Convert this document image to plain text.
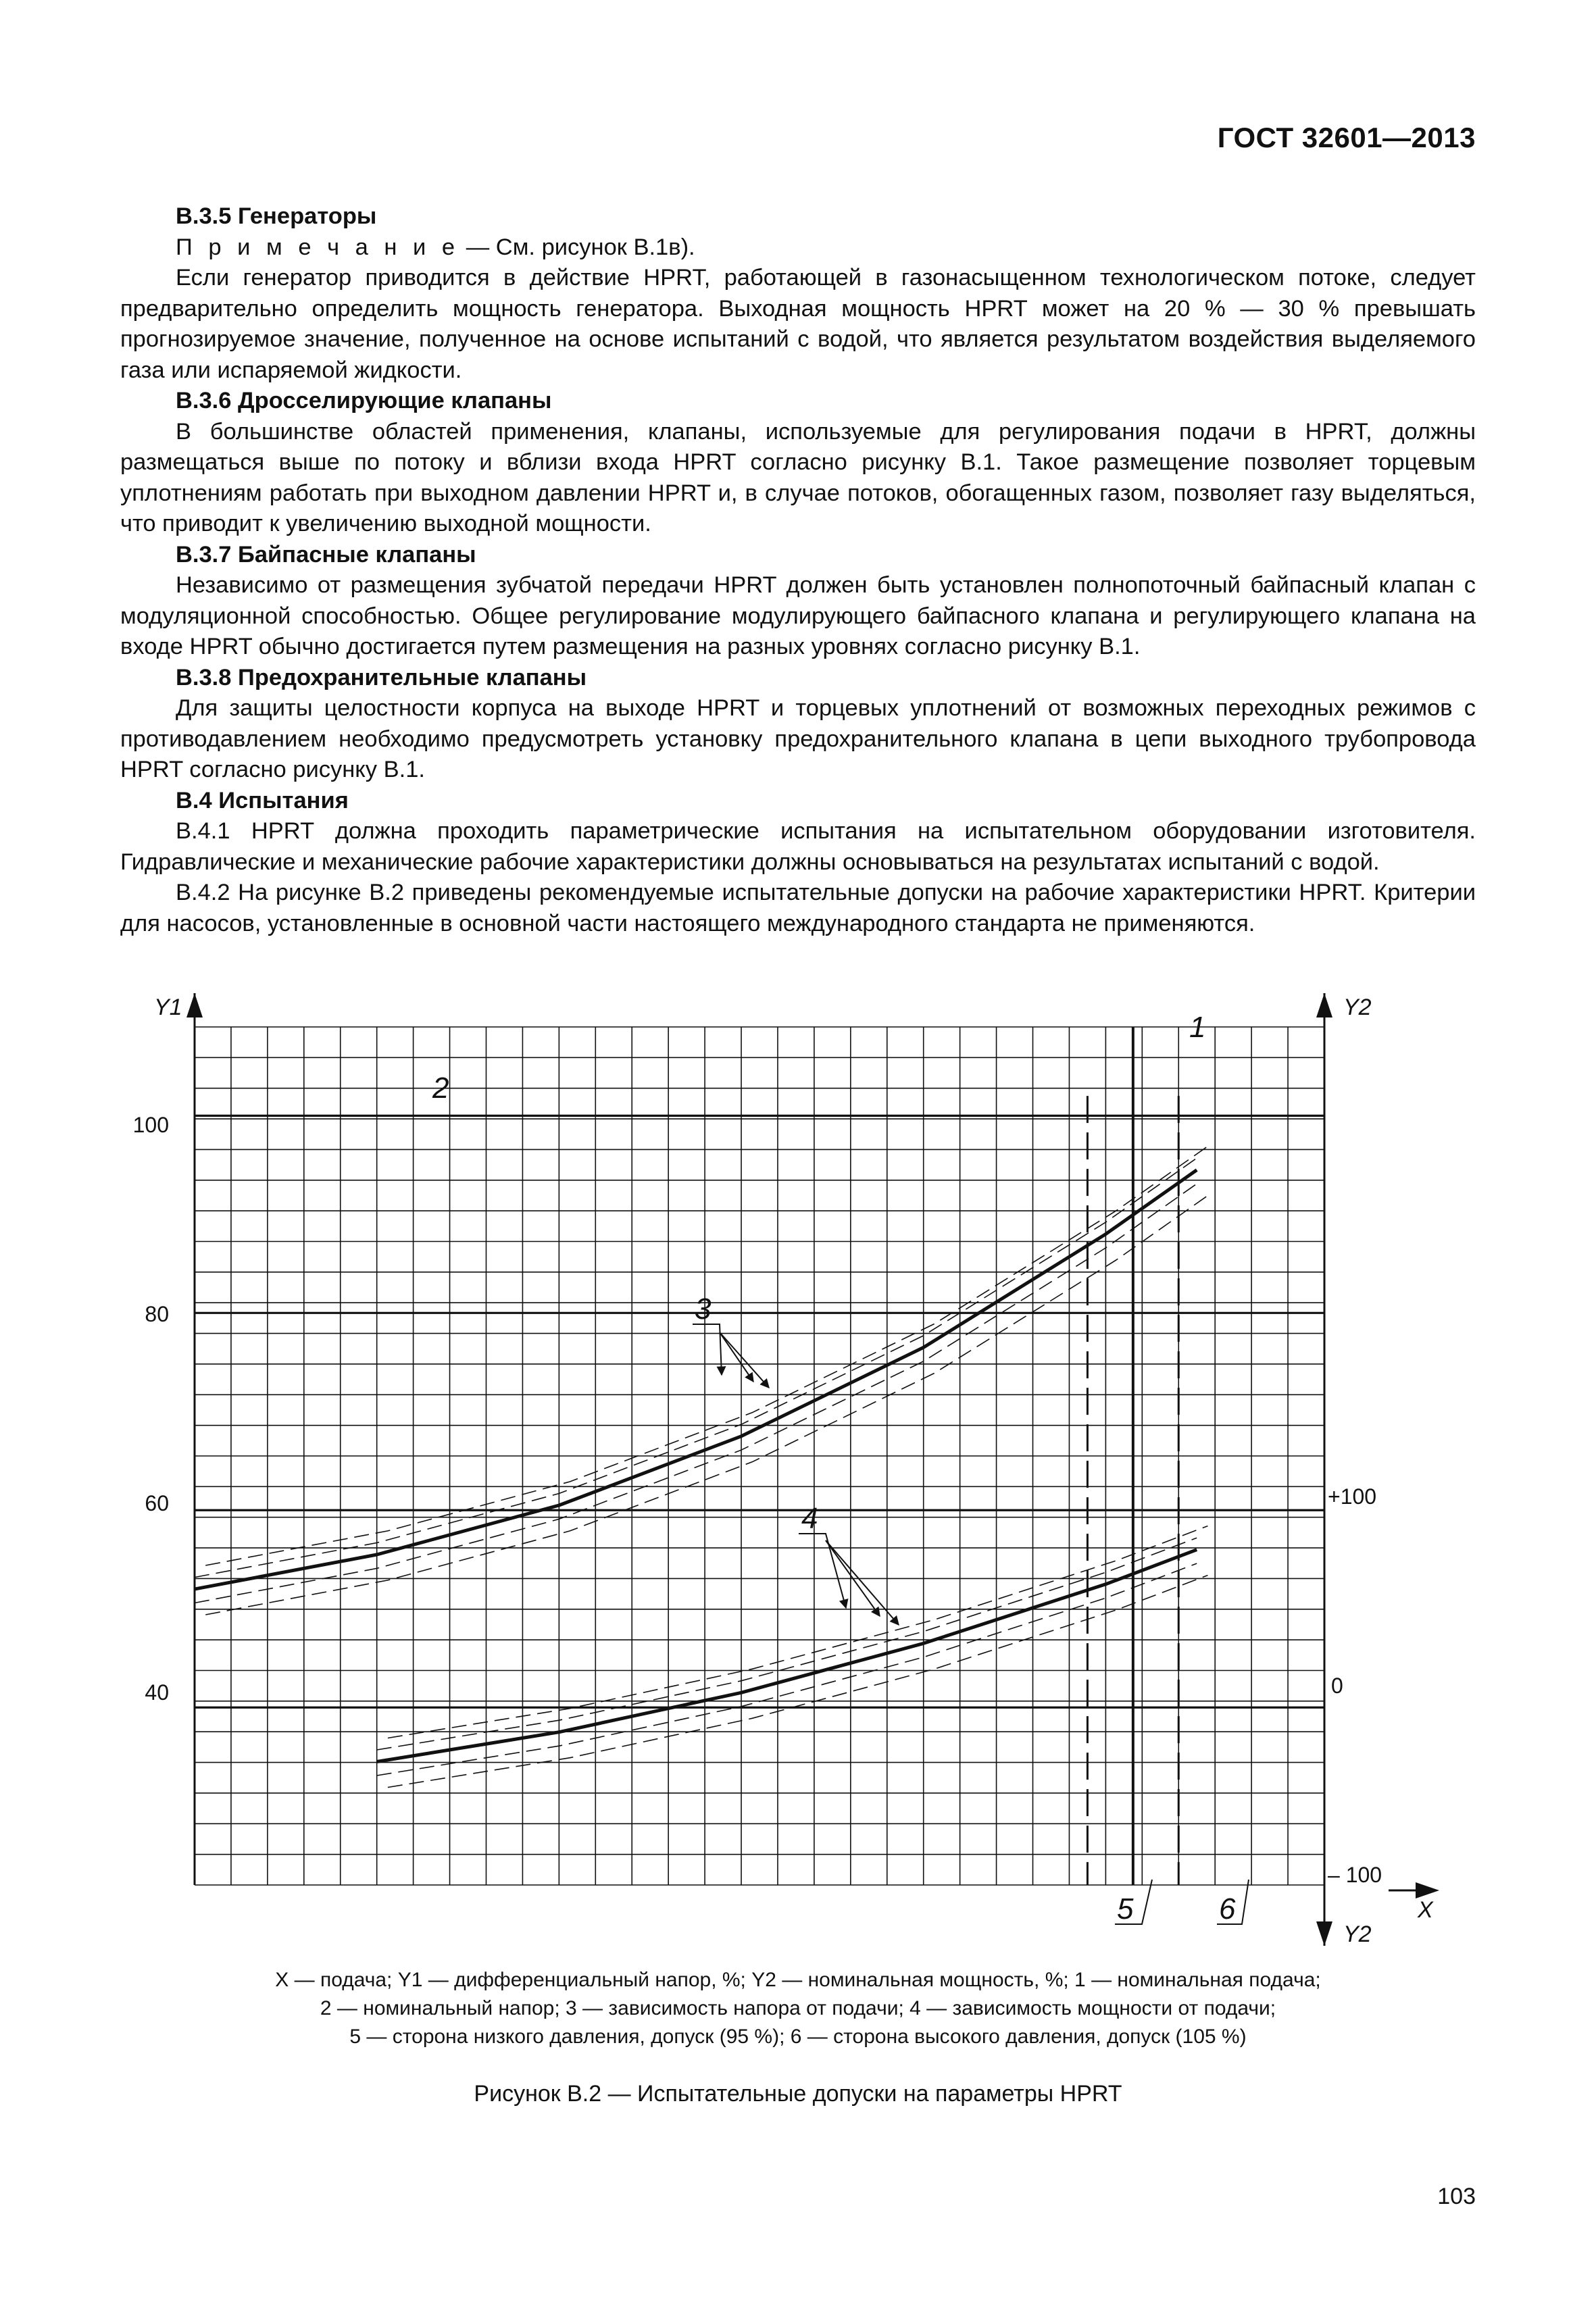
ГОСТ 32601—2013

В.3.5 Генераторы

П р и м е ч а н и е — См. рисунок В.1в).

Если генератор приводится в действие HPRT, работающей в газонасыщенном технологическом потоке, следует предварительно определить мощность генератора. Выходная мощность HPRT может на 20 % — 30 % превышать прогнозируемое значение, полученное на основе испытаний с водой, что является результатом воздействия выделяемого газа или испаряемой жидкости.

В.3.6 Дросселирующие клапаны

В большинстве областей применения, клапаны, используемые для регулирования подачи в HPRT, должны размещаться выше по потоку и вблизи входа HPRT согласно рисунку В.1. Такое размещение позволяет торцевым уплотнениям работать при выходном давлении HPRT и, в случае потоков, обогащенных газом, позволяет газу выделяться, что приводит к увеличению выходной мощности.

В.3.7 Байпасные клапаны

Независимо от размещения зубчатой передачи HPRT должен быть установлен полнопоточный байпасный клапан с модуляционной способностью. Общее регулирование модулирующего байпасного клапана и регулирующего клапана на входе HPRT обычно достигается путем размещения на разных уровнях согласно рисунку В.1.

В.3.8 Предохранительные клапаны

Для защиты целостности корпуса на выходе HPRT и торцевых уплотнений от возможных переходных режимов с противодавлением необходимо предусмотреть установку предохранительного клапана в цепи выходного трубопровода HPRT согласно рисунку В.1.

В.4 Испытания

В.4.1 HPRT должна проходить параметрические испытания на испытательном оборудовании изготовителя. Гидравлические и механические рабочие характеристики должны основываться на результатах испытаний с водой.

В.4.2 На рисунке В.2 приведены рекомендуемые испытательные допуски на рабочие характеристики HPRT. Критерии для насосов, установленные в основной части настоящего международного стандарта не применяются.

Y1	Y2
Y2
X
100
80
60
40
+100
0
– 100
1
2
3
4
5	6
X — подача; Y1 — дифференциальный напор, %; Y2 — номинальная мощность, %; 1 — номинальная подача;
2 — номинальный напор; 3 — зависимость напора от подачи; 4 — зависимость мощности от подачи;
5 — сторона низкого давления, допуск (95 %); 6 — сторона высокого давления, допуск (105 %)
Рисунок В.2 — Испытательные допуски на параметры HPRT
103
